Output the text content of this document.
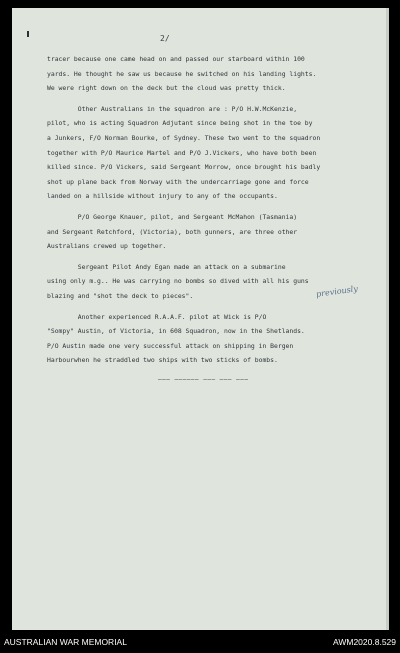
2/
tracer because one came head on and passed our starboard within 100
yards. He thought he saw us because he switched on his landing lights.
We were right down on the deck but the cloud was pretty thick.
Other Australians in the squadron are : P/O H.W.McKenzie,
pilot, who is acting Squadron Adjutant since being shot in the toe by
a Junkers, F/O Norman Bourke, of Sydney. These two went to the squadron
together with P/O Maurice Martel and P/O J.Vickers, who have both been
killed since. P/O Vickers, said Sergeant Morrow, once brought his badly
shot up plane back from Norway with the undercarriage gone and force
landed on a hillside without injury to any of the occupants.
P/O George Knauer, pilot, and Sergeant McMahon (Tasmania)
and Sergeant Retchford, (Victoria), both gunners, are three other
Australians crewed up together.
Sergeant Pilot Andy Egan made an attack on a submarine
using only m.g.. He was carrying no bombs so dived with all his guns
blazing and "shot the deck to pieces".
Another experienced R.A.A.F. pilot at Wick is P/O
"Sompy" Austin, of Victoria, in 608 Squadron, now in the Shetlands.
P/O Austin made one very successful attack on shipping in Bergen
Harbourwhen he straddled two ships with two sticks of bombs.
previously
——— —————— ——— ——— ———
AUSTRALIAN WAR MEMORIAL	AWM2020.8.529
